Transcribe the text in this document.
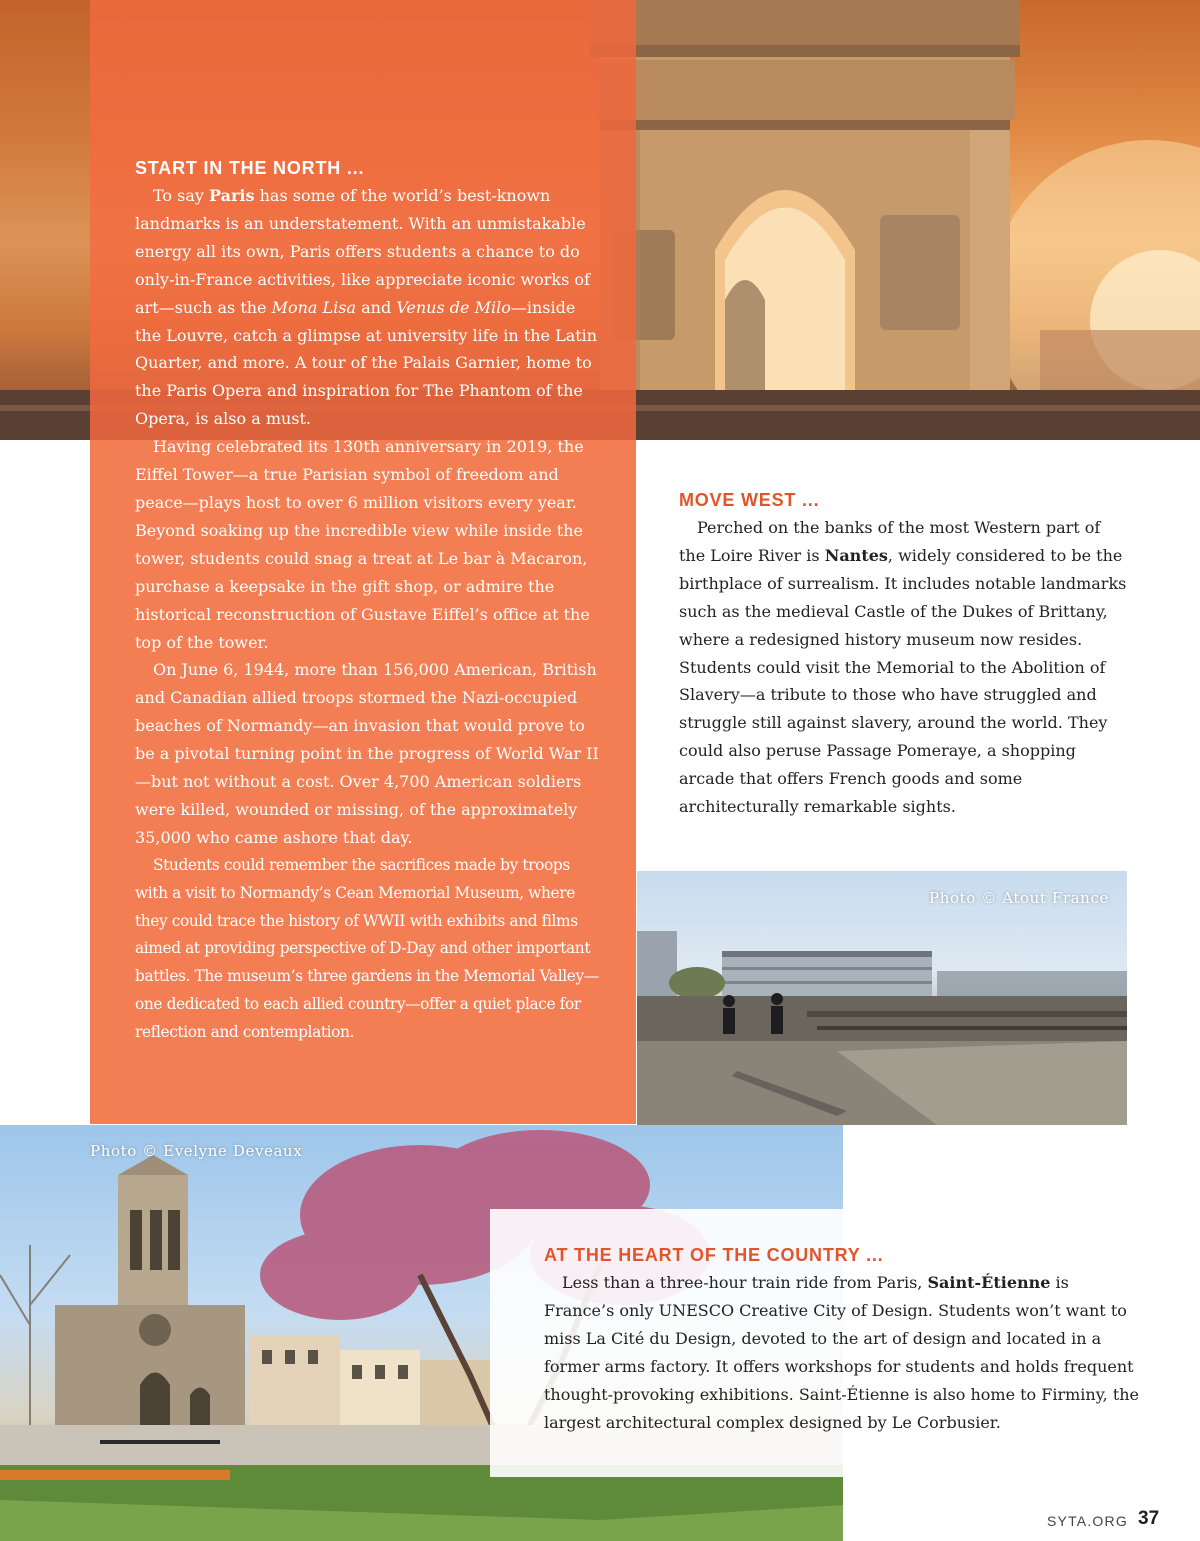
START IN THE NORTH ...

To say Paris has some of the world’s best-known landmarks is an understatement. With an unmistakable energy all its own, Paris offers students a chance to do only-in-France activities, like appreciate iconic works of art—such as the Mona Lisa and Venus de Milo—inside the Louvre, catch a glimpse at university life in the Latin Quarter, and more. A tour of the Palais Garnier, home to the Paris Opera and inspiration for The Phantom of the Opera, is also a must.

Having celebrated its 130th anniversary in 2019, the Eiffel Tower—a true Parisian symbol of freedom and peace—plays host to over 6 million visitors every year. Beyond soaking up the incredible view while inside the tower, students could snag a treat at Le bar à Macaron, purchase a keepsake in the gift shop, or admire the historical reconstruction of Gustave Eiffel’s office at the top of the tower.

On June 6, 1944, more than 156,000 American, British and Canadian allied troops stormed the Nazi-occupied beaches of Normandy—an invasion that would prove to be a pivotal turning point in the progress of World War II—but not without a cost. Over 4,700 American soldiers were killed, wounded or missing, of the approximately 35,000 who came ashore that day.

Students could remember the sacrifices made by troops with a visit to Normandy’s Cean Memorial Museum, where they could trace the history of WWII with exhibits and films aimed at providing perspective of D-Day and other important battles. The museum’s three gardens in the Memorial Valley—one dedicated to each allied country—offer a quiet place for reflection and contemplation.

MOVE WEST ...

Perched on the banks of the most Western part of the Loire River is Nantes, widely considered to be the birthplace of surrealism. It includes notable landmarks such as the medieval Castle of the Dukes of Brittany, where a redesigned history museum now resides. Students could visit the Memorial to the Abolition of Slavery—a tribute to those who have struggled and struggle still against slavery, around the world. They could also peruse Passage Pomeraye, a shopping arcade that offers French goods and some architecturally remarkable sights.

Photo © Atout France
Photo © Evelyne Deveaux
AT THE HEART OF THE COUNTRY ...

Less than a three-hour train ride from Paris, Saint-Étienne is France’s only UNESCO Creative City of Design. Students won’t want to miss La Cité du Design, devoted to the art of design and located in a former arms factory. It offers workshops for students and holds frequent thought-provoking exhibitions. Saint-Étienne is also home to Firminy, the largest architectural complex designed by Le Corbusier.

SYTA.ORG 37
